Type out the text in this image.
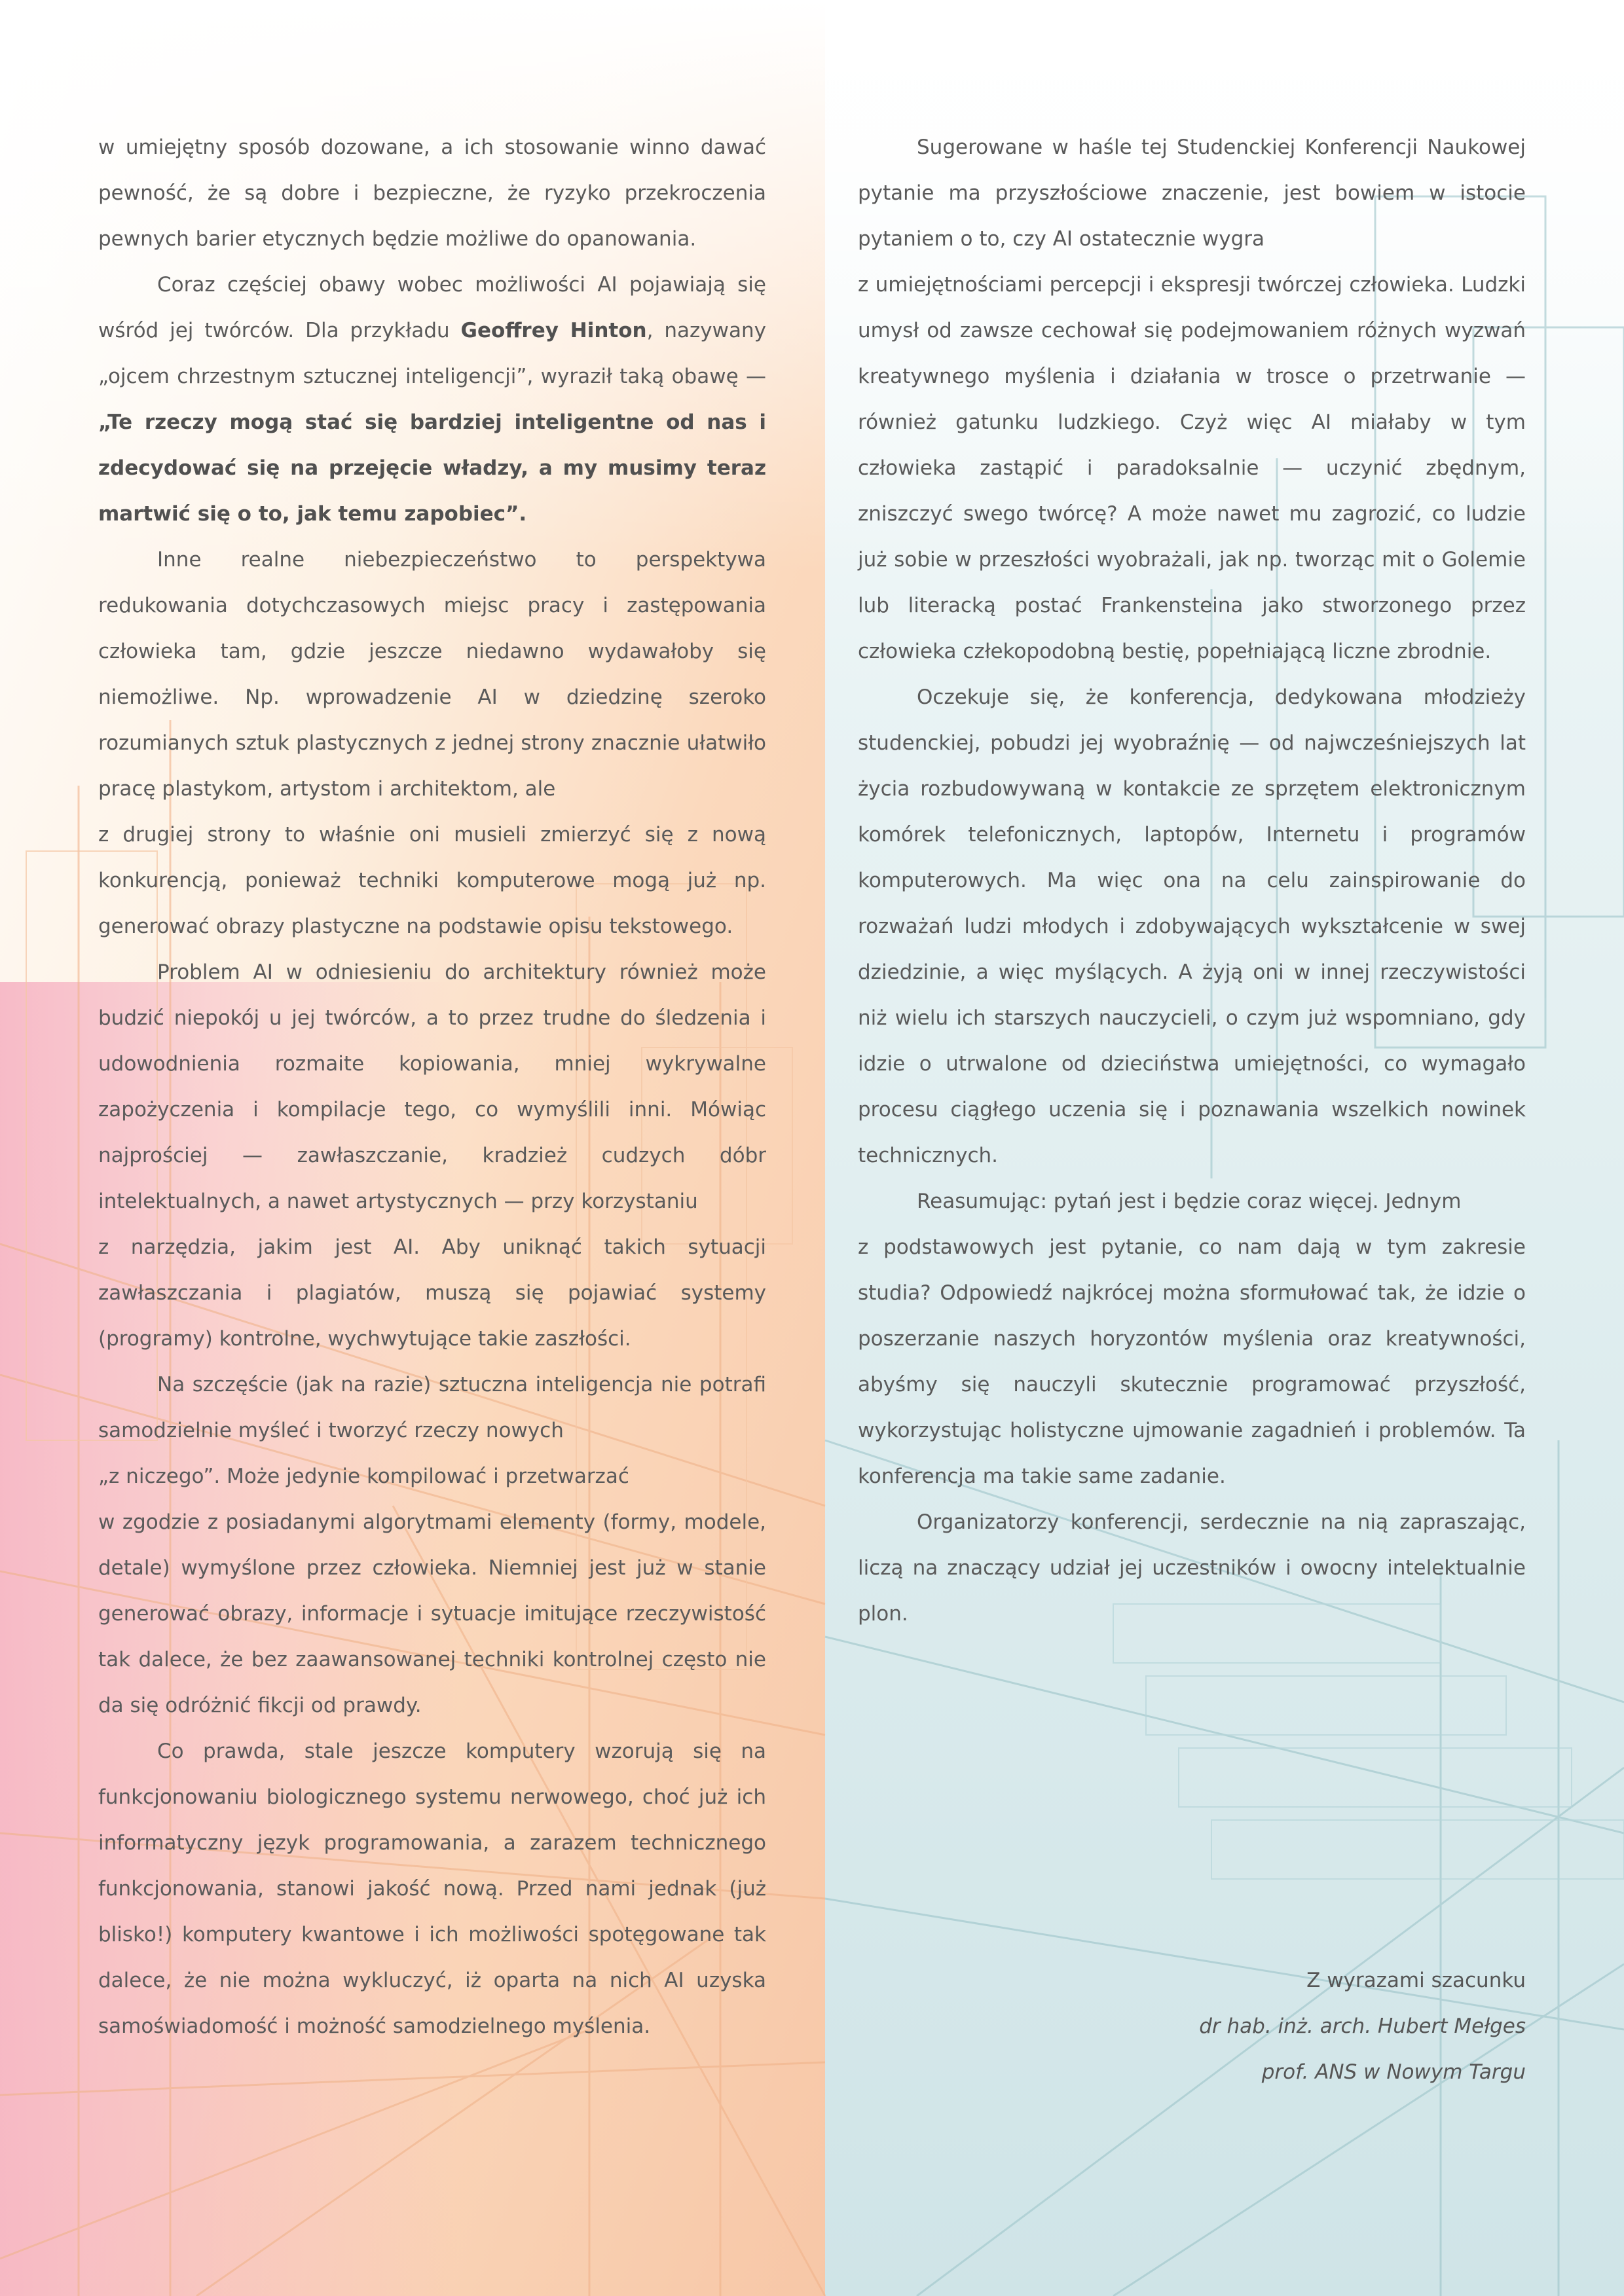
w umiejętny sposób dozowane, a ich stosowanie winno dawać pewność, że są dobre i bezpieczne, że ryzyko przekroczenia pewnych barier etycznych będzie możliwe do opanowania.

Coraz częściej obawy wobec możliwości AI pojawiają się wśród jej twórców. Dla przykładu Geoffrey Hinton, nazywany „ojcem chrzestnym sztucznej inteligencji”, wyraził taką obawę — „Te rzeczy mogą stać się bardziej inteligentne od nas i zdecydować się na przejęcie władzy, a my musimy teraz martwić się o to, jak temu zapobiec”.

Inne realne niebezpieczeństwo to perspektywa redukowania dotychczasowych miejsc pracy i zastępowania człowieka tam, gdzie jeszcze niedawno wydawałoby się niemożliwe. Np. wprowadzenie AI w dziedzinę szeroko rozumianych sztuk plastycznych z jednej strony znacznie ułatwiło pracę plastykom, artystom i architektom, ale

z drugiej strony to właśnie oni musieli zmierzyć się z nową konkurencją, ponieważ techniki komputerowe mogą już np. generować obrazy plastyczne na podstawie opisu tekstowego.

Problem AI w odniesieniu do architektury również może budzić niepokój u jej twórców, a to przez trudne do śledzenia i udowodnienia rozmaite kopiowania, mniej wykrywalne zapożyczenia i kompilacje tego, co wymyślili inni. Mówiąc najprościej — zawłaszczanie, kradzież cudzych dóbr intelektualnych, a nawet artystycznych — przy korzystaniu

z narzędzia, jakim jest AI. Aby uniknąć takich sytuacji zawłaszczania i plagiatów, muszą się pojawiać systemy (programy) kontrolne, wychwytujące takie zaszłości.

Na szczęście (jak na razie) sztuczna inteligencja nie potrafi samodzielnie myśleć i tworzyć rzeczy nowych

„z niczego”. Może jedynie kompilować i przetwarzać

w zgodzie z posiadanymi algorytmami elementy (formy, modele, detale) wymyślone przez człowieka. Niemniej jest już w stanie generować obrazy, informacje i sytuacje imitujące rzeczywistość tak dalece, że bez zaawansowanej techniki kontrolnej często nie da się odróżnić fikcji od prawdy.

Co prawda, stale jeszcze komputery wzorują się na funkcjonowaniu biologicznego systemu nerwowego, choć już ich informatyczny język programowania, a zarazem technicznego funkcjonowania, stanowi jakość nową. Przed nami jednak (już blisko!) komputery kwantowe i ich możliwości spotęgowane tak dalece, że nie można wykluczyć, iż oparta na nich AI uzyska samoświadomość i możność samodzielnego myślenia.

Sugerowane w haśle tej Studenckiej Konferencji Naukowej pytanie ma przyszłościowe znaczenie, jest bowiem w istocie pytaniem o to, czy AI ostatecznie wygra

z umiejętnościami percepcji i ekspresji twórczej człowieka. Ludzki umysł od zawsze cechował się podejmowaniem różnych wyzwań kreatywnego myślenia i działania w trosce o przetrwanie — również gatunku ludzkiego. Czyż więc AI miałaby w tym człowieka zastąpić i paradoksalnie — uczynić zbędnym, zniszczyć swego twórcę? A może nawet mu zagrozić, co ludzie już sobie w przeszłości wyobrażali, jak np. tworząc mit o Golemie lub literacką postać Frankensteina jako stworzonego przez człowieka człekopodobną bestię, popełniającą liczne zbrodnie.

Oczekuje się, że konferencja, dedykowana młodzieży studenckiej, pobudzi jej wyobraźnię — od najwcześniejszych lat życia rozbudowywaną w kontakcie ze sprzętem elektronicznym komórek telefonicznych, laptopów, Internetu i programów komputerowych. Ma więc ona na celu zainspirowanie do rozważań ludzi młodych i zdobywających wykształcenie w swej dziedzinie, a więc myślących. A żyją oni w innej rzeczywistości niż wielu ich starszych nauczycieli, o czym już wspomniano, gdy idzie o utrwalone od dzieciństwa umiejętności, co wymagało procesu ciągłego uczenia się i poznawania wszelkich nowinek technicznych.

Reasumując: pytań jest i będzie coraz więcej. Jednym

z podstawowych jest pytanie, co nam dają w tym zakresie studia? Odpowiedź najkrócej można sformułować tak, że idzie o poszerzanie naszych horyzontów myślenia oraz kreatywności, abyśmy się nauczyli skutecznie programować przyszłość, wykorzystując holistyczne ujmowanie zagadnień i problemów. Ta konferencja ma takie same zadanie.

Organizatorzy konferencji, serdecznie na nią zapraszając, liczą na znaczący udział jej uczestników i owocny intelektualnie plon.

Z wyrazami szacunku
dr hab. inż. arch. Hubert Mełges
prof. ANS w Nowym Targu
